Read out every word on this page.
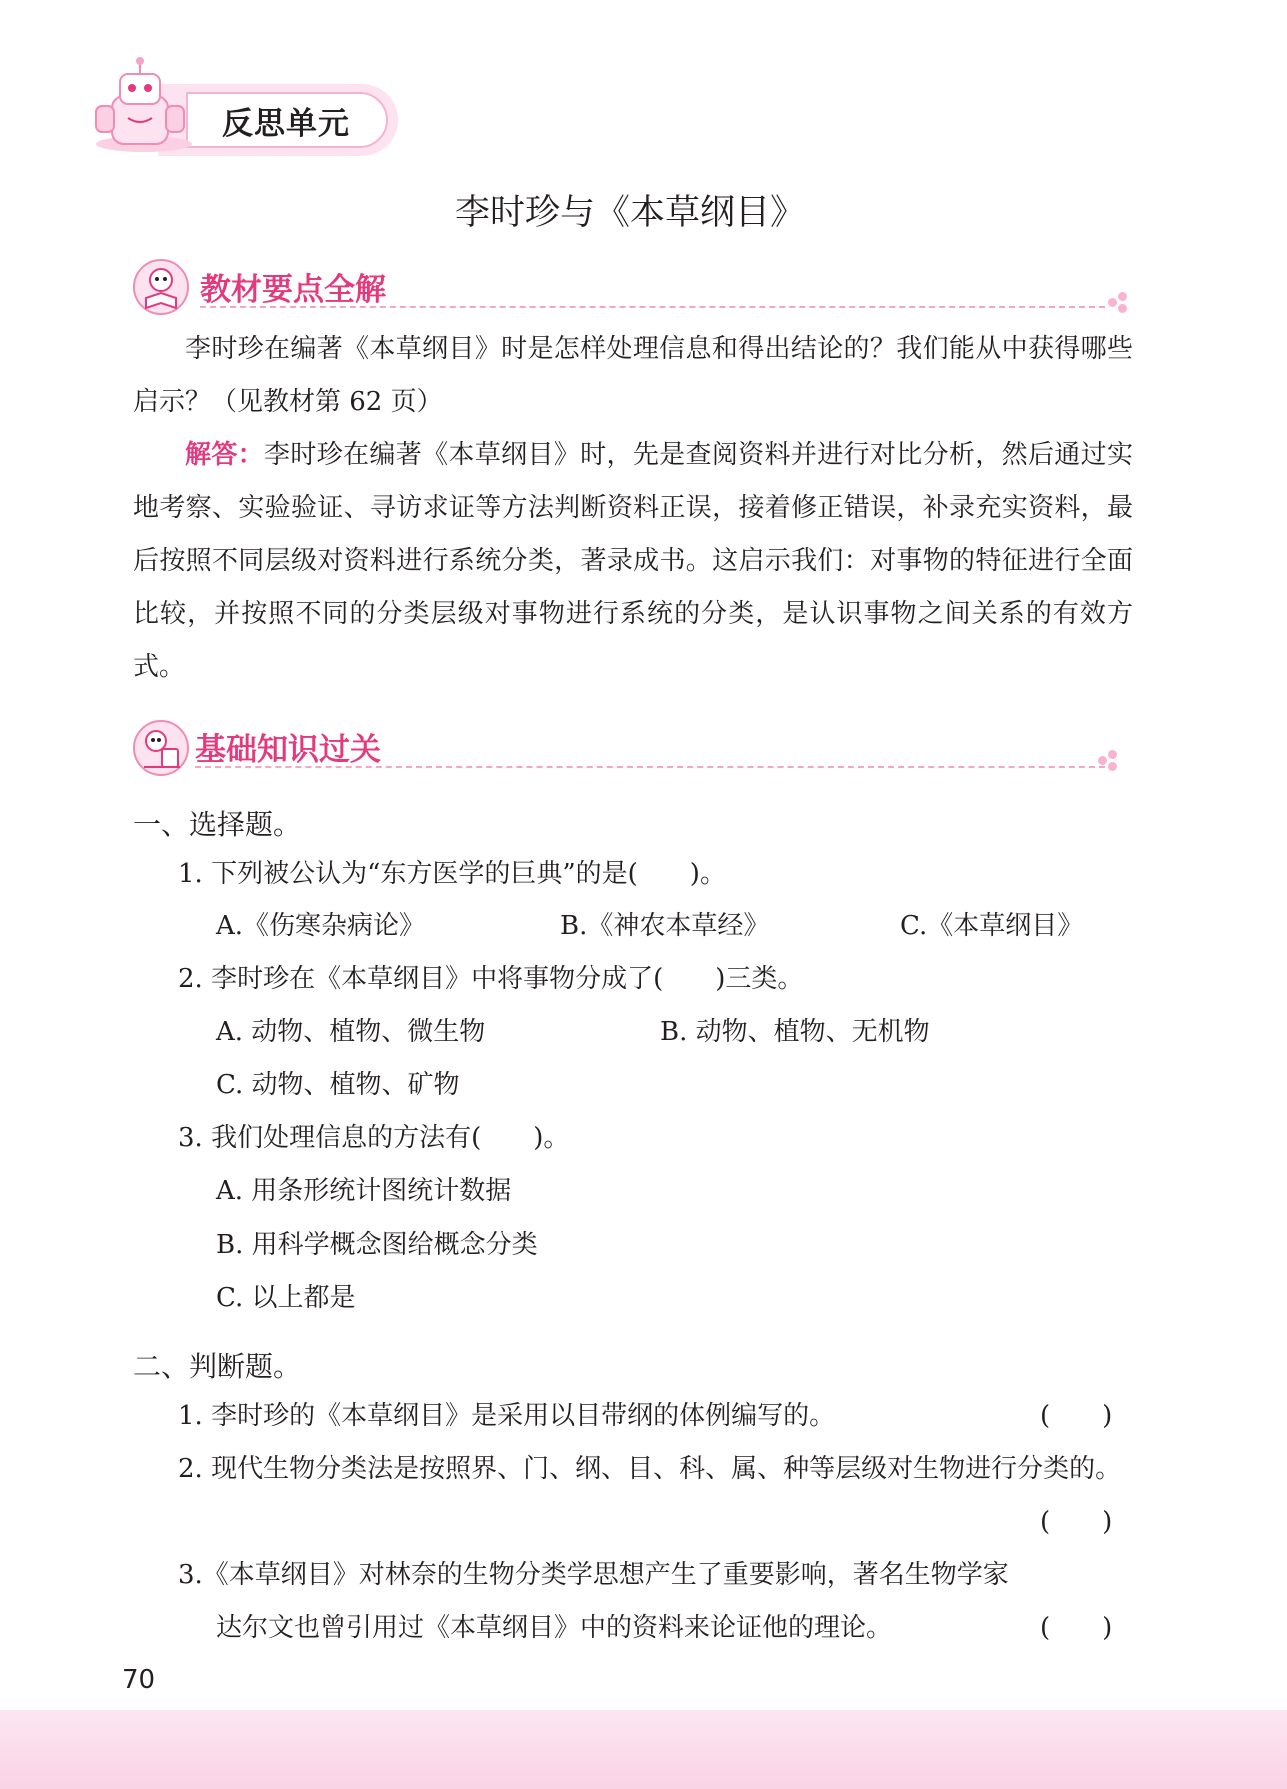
反思单元
李时珍与《本草纲目》
教材要点全解

李时珍在编著《本草纲目》时是怎样处理信息和得出结论的？我们能从中获得哪些启示？（见教材第 62 页）

解答：李时珍在编著《本草纲目》时，先是查阅资料并进行对比分析，然后通过实地考察、实验验证、寻访求证等方法判断资料正误，接着修正错误，补录充实资料，最后按照不同层级对资料进行系统分类，著录成书。这启示我们：对事物的特征进行全面比较，并按照不同的分类层级对事物进行系统的分类，是认识事物之间关系的有效方式。

基础知识过关
一、选择题。
1. 下列被公认为“东方医学的巨典”的是(　　)。
A.《伤寒杂病论》	B.《神农本草经》	C.《本草纲目》
2. 李时珍在《本草纲目》中将事物分成了(　　)三类。
A. 动物、植物、微生物	B. 动物、植物、无机物
C. 动物、植物、矿物
3. 我们处理信息的方法有(　　)。
A. 用条形统计图统计数据
B. 用科学概念图给概念分类
C. 以上都是
二、判断题。
1. 李时珍的《本草纲目》是采用以目带纲的体例编写的。	(　　)
2. 现代生物分类法是按照界、门、纲、目、科、属、种等层级对生物进行分类的。
(　　)
3.《本草纲目》对林奈的生物分类学思想产生了重要影响，著名生物学家
达尔文也曾引用过《本草纲目》中的资料来论证他的理论。	(　　)
70
